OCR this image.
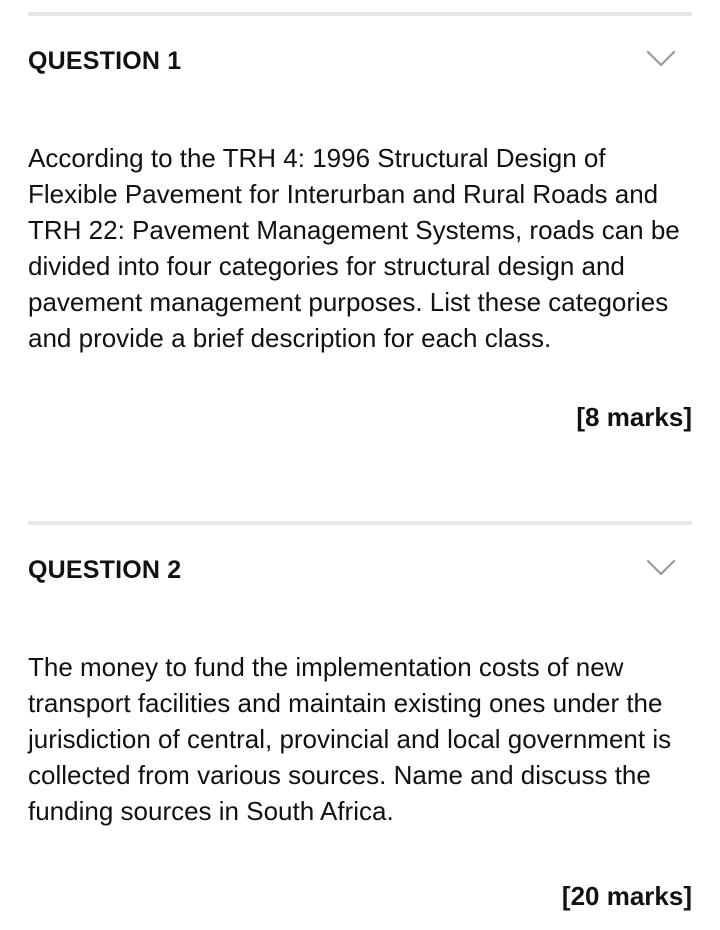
QUESTION 1
According to the TRH 4: 1996 Structural Design of Flexible Pavement for Interurban and Rural Roads and TRH 22: Pavement Management Systems, roads can be divided into four categories for structural design and pavement management purposes. List these categories and provide a brief description for each class.
[8 marks]
QUESTION 2
The money to fund the implementation costs of new transport facilities and maintain existing ones under the jurisdiction of central, provincial and local government is collected from various sources. Name and discuss the funding sources in South Africa.
[20 marks]
